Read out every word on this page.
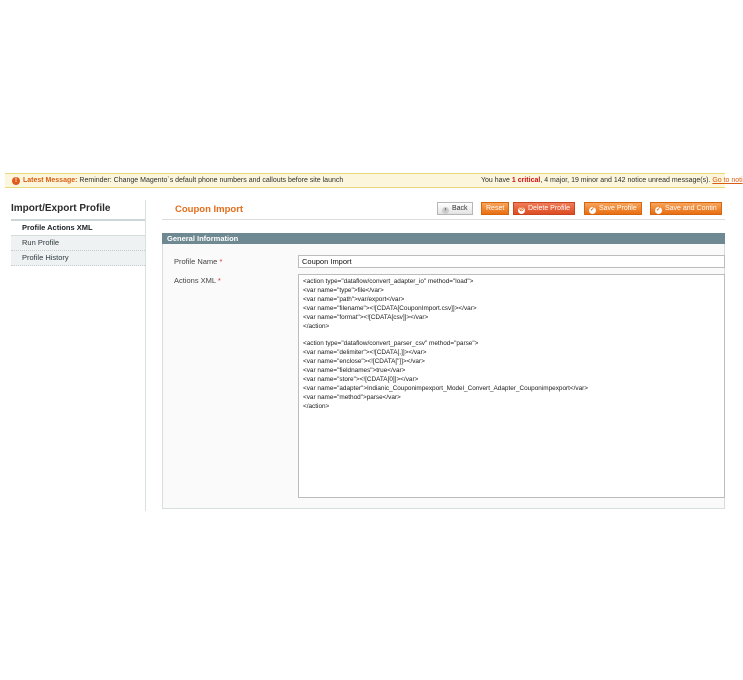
! Latest Message: Reminder: Change Magento`s default phone numbers and callouts before site launch	You have 1 critical, 4 major, 19 minor and 142 notice unread message(s). Go to noti
Import/Export Profile
Profile Actions XML
Run Profile
Profile History
Coupon Import	‹ Back	Reset	⊘ Delete Profile	✓ Save Profile	✓ Save and Contin
General Information
Profile Name *	Coupon Import
Actions XML *	<action type="dataflow/convert_adapter_io" method="load">
<var name="type">file</var>
<var name="path">var/export</var>
<var name="filename"><![CDATA[CouponImport.csv]]></var>
<var name="format"><![CDATA[csv]]></var>
</action>
<action type="dataflow/convert_parser_csv" method="parse">
<var name="delimiter"><![CDATA[,]]></var>
<var name="enclose"><![CDATA["]]></var>
<var name="fieldnames">true</var>
<var name="store"><![CDATA[0]]></var>
<var name="adapter">Indianic_Couponimpexport_Model_Convert_Adapter_Couponimpexport</var>
<var name="method">parse</var>
</action>
